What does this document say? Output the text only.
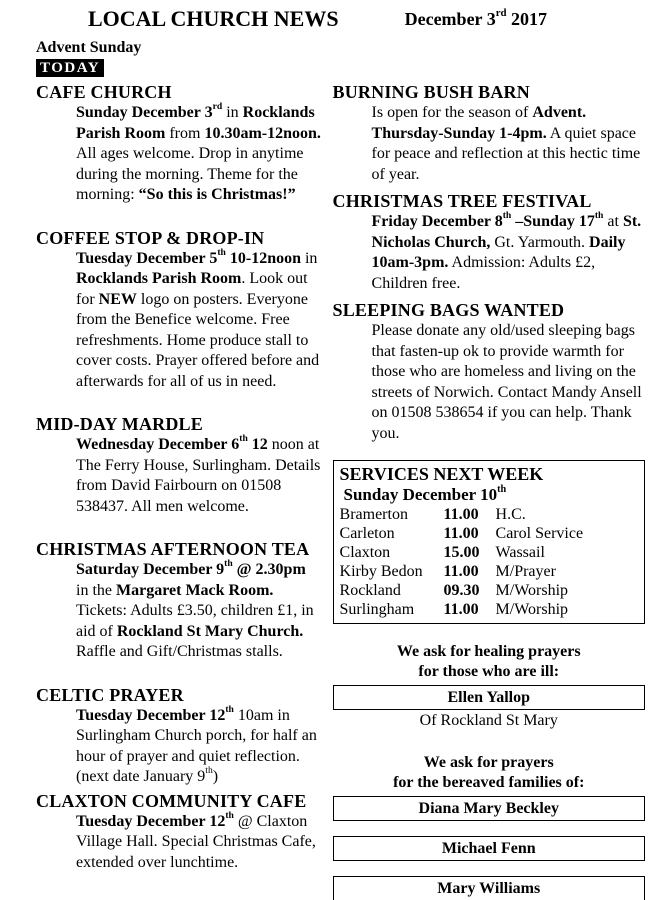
LOCAL CHURCH NEWS	December 3rd 2017
Advent Sunday
TODAY
CAFE CHURCH

Sunday December 3rd in Rocklands Parish Room from 10.30am-12noon. All ages welcome. Drop in anytime during the morning. Theme for the morning: “So this is Christmas!”

COFFEE STOP & DROP-IN

Tuesday December 5th 10-12noon in Rocklands Parish Room. Look out for NEW logo on posters. Everyone from the Benefice welcome. Free refreshments. Home produce stall to cover costs. Prayer offered before and afterwards for all of us in need.

MID-DAY MARDLE

Wednesday December 6th 12 noon at The Ferry House, Surlingham. Details from David Fairbourn on 01508 538437. All men welcome.

CHRISTMAS AFTERNOON TEA

Saturday December 9th @ 2.30pm in the Margaret Mack Room. Tickets: Adults £3.50, children £1, in aid of Rockland St Mary Church. Raffle and Gift/Christmas stalls.

CELTIC PRAYER

Tuesday December 12th 10am in Surlingham Church porch, for half an hour of prayer and quiet reflection. (next date January 9th)

CLAXTON COMMUNITY CAFE

Tuesday December 12th @ Claxton Village Hall. Special Christmas Cafe, extended over lunchtime.

BURNING BUSH BARN

Is open for the season of Advent. Thursday-Sunday 1-4pm. A quiet space for peace and reflection at this hectic time of year.

CHRISTMAS TREE FESTIVAL

Friday December 8th –Sunday 17th at St. Nicholas Church, Gt. Yarmouth. Daily 10am-3pm. Admission: Adults £2, Children free.

SLEEPING BAGS WANTED

Please donate any old/used sleeping bags that fasten-up ok to provide warmth for those who are homeless and living on the streets of Norwich. Contact Mandy Ansell on 01508 538654 if you can help. Thank you.

SERVICES NEXT WEEK
Sunday December 10th
Bramerton	11.00	H.C.
Carleton	11.00	Carol Service
Claxton	15.00	Wassail
Kirby Bedon	11.00	M/Prayer
Rockland	09.30	M/Worship
Surlingham	11.00	M/Worship
We ask for healing prayers
for those who are ill:
Ellen Yallop
Of Rockland St Mary
We ask for prayers
for the bereaved families of:
Diana Mary Beckley
Michael Fenn
Mary Williams
